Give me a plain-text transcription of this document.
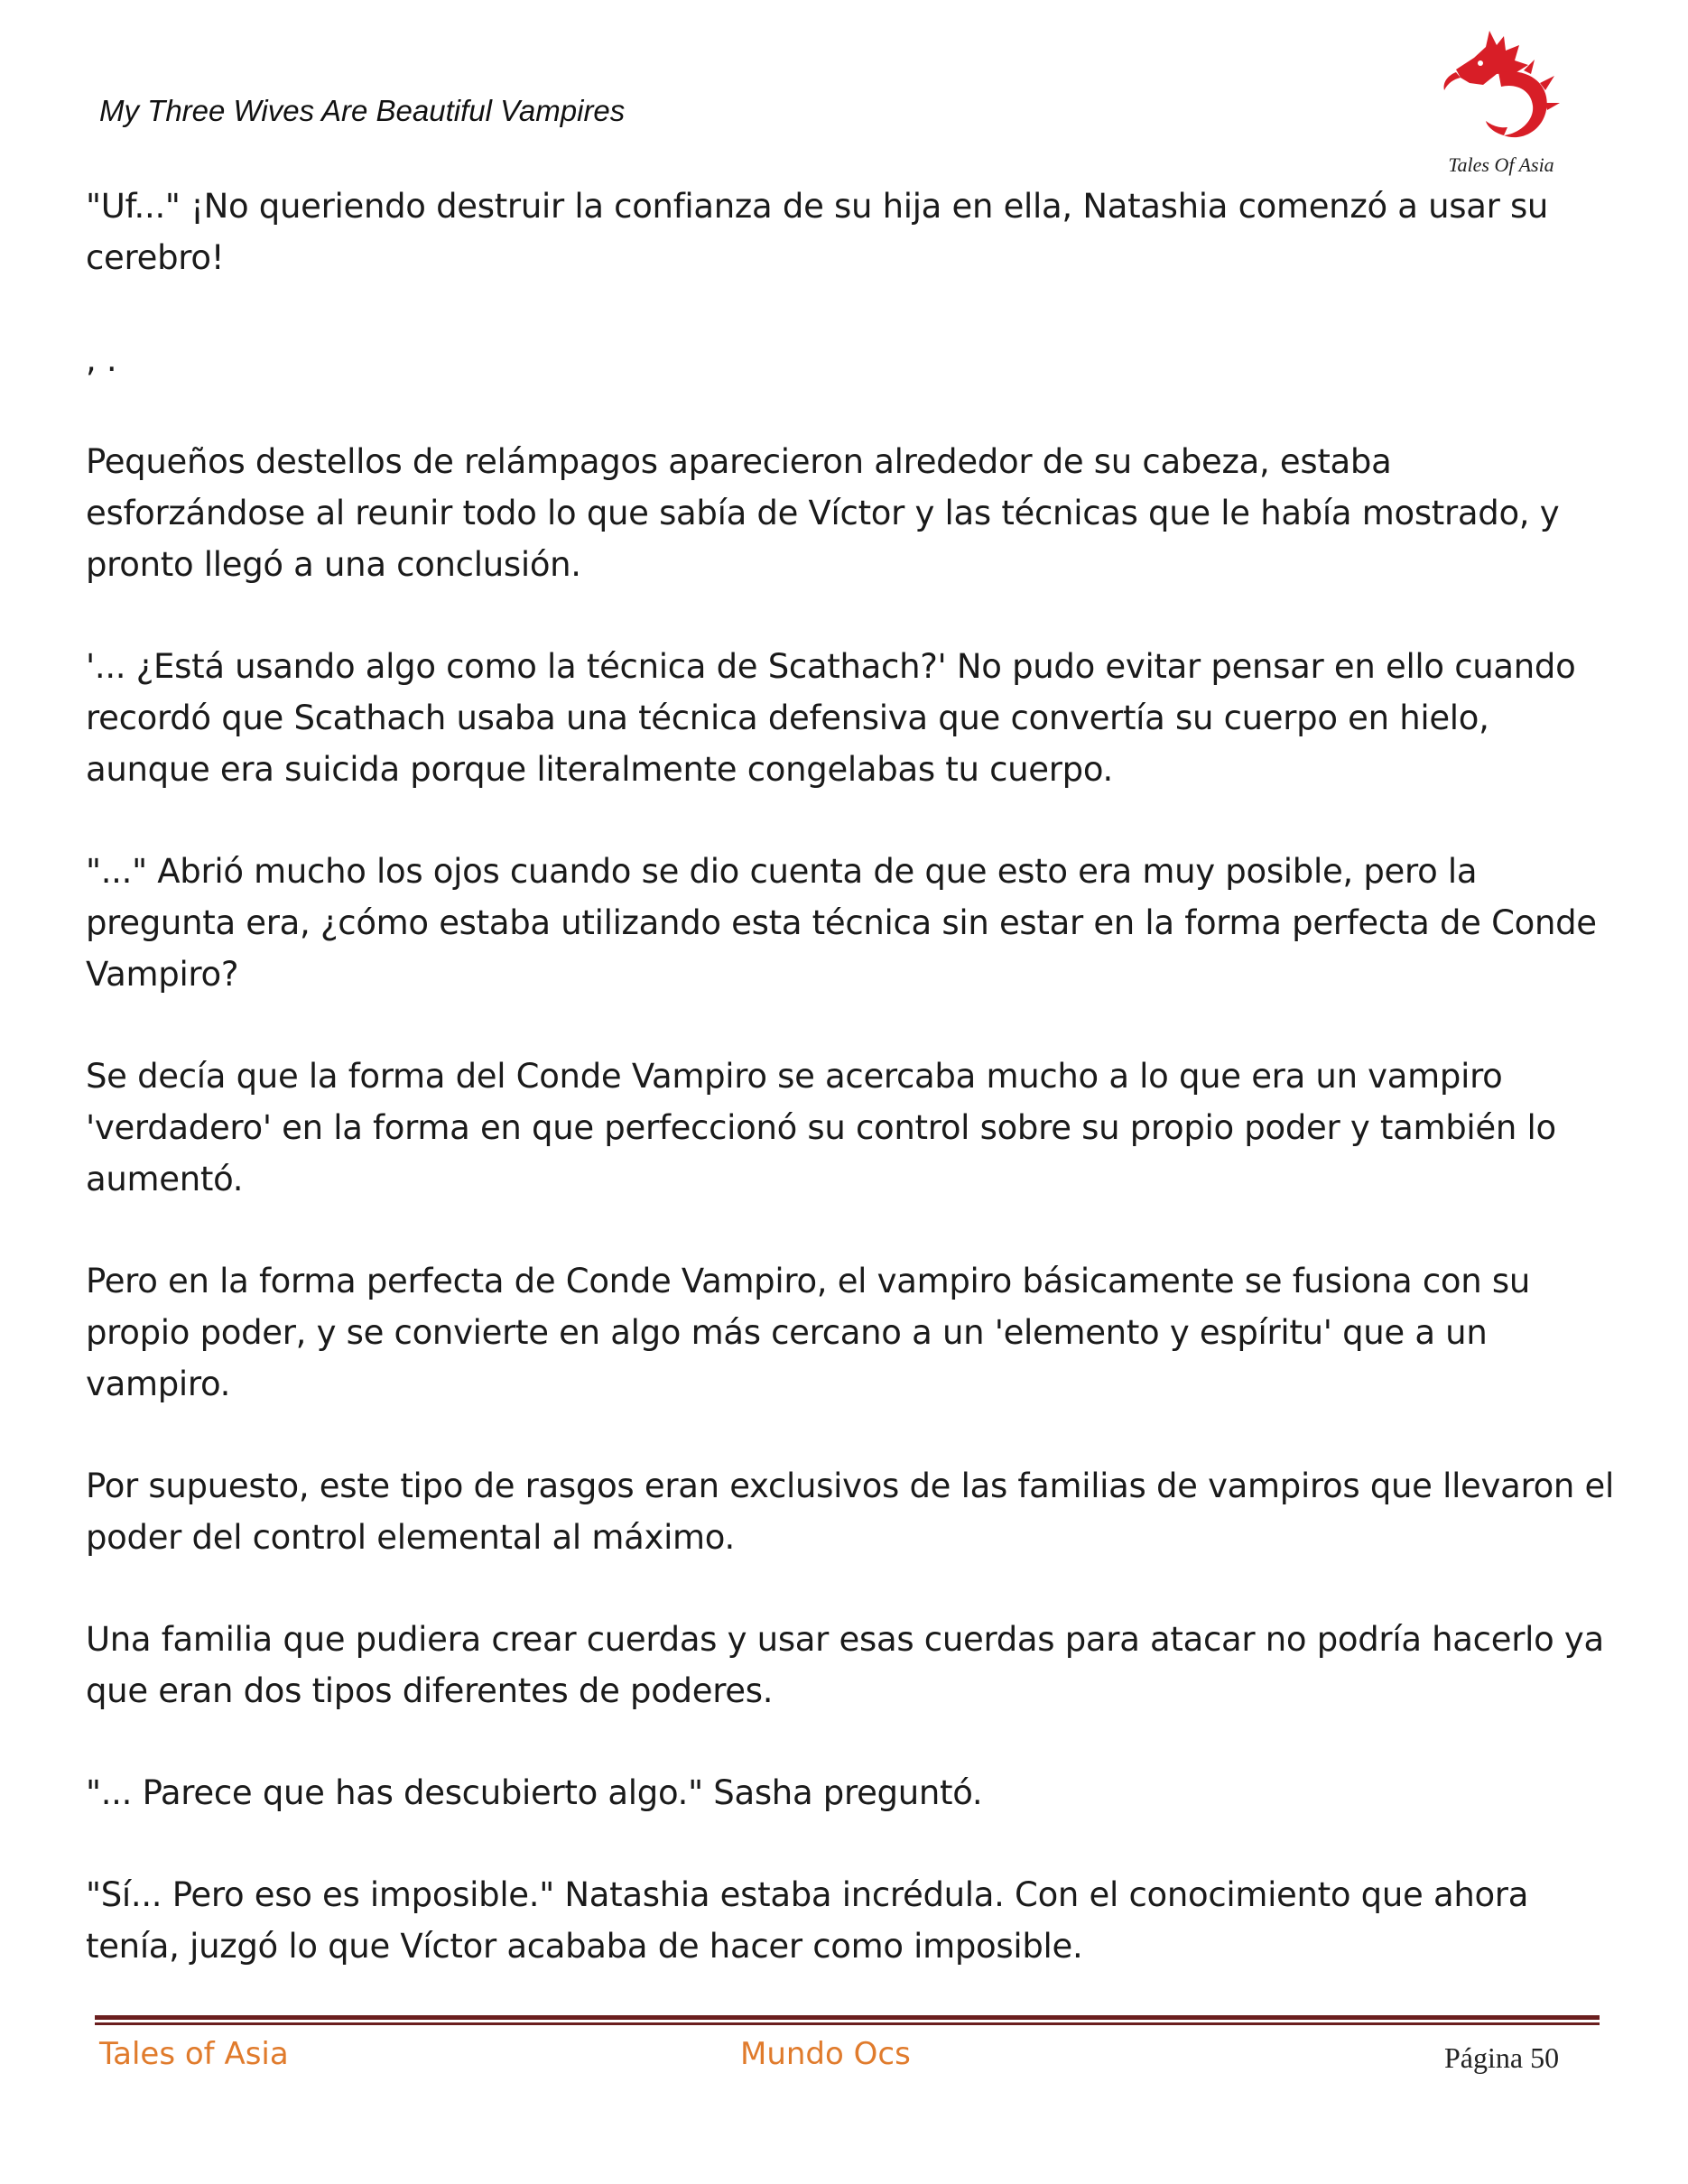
My Three Wives Are Beautiful Vampires
Tales Of Asia

"Uf..." ¡No queriendo destruir la confianza de su hija en ella, Natashia comenzó a usar su cerebro!

, .

Pequeños destellos de relámpagos aparecieron alrededor de su cabeza, estaba esforzándose al reunir todo lo que sabía de Víctor y las técnicas que le había mostrado, y pronto llegó a una conclusión.

'... ¿Está usando algo como la técnica de Scathach?' No pudo evitar pensar en ello cuando recordó que Scathach usaba una técnica defensiva que convertía su cuerpo en hielo, aunque era suicida porque literalmente congelabas tu cuerpo.

"..." Abrió mucho los ojos cuando se dio cuenta de que esto era muy posible, pero la pregunta era, ¿cómo estaba utilizando esta técnica sin estar en la forma perfecta de Conde Vampiro?

Se decía que la forma del Conde Vampiro se acercaba mucho a lo que era un vampiro 'verdadero' en la forma en que perfeccionó su control sobre su propio poder y también lo aumentó.

Pero en la forma perfecta de Conde Vampiro, el vampiro básicamente se fusiona con su propio poder, y se convierte en algo más cercano a un 'elemento y espíritu' que a un vampiro.

Por supuesto, este tipo de rasgos eran exclusivos de las familias de vampiros que llevaron el poder del control elemental al máximo.

Una familia que pudiera crear cuerdas y usar esas cuerdas para atacar no podría hacerlo ya que eran dos tipos diferentes de poderes.

"... Parece que has descubierto algo." Sasha preguntó.

"Sí... Pero eso es imposible." Natashia estaba incrédula. Con el conocimiento que ahora tenía, juzgó lo que Víctor acababa de hacer como imposible.

Tales of Asia	Mundo Ocs	Página 50
